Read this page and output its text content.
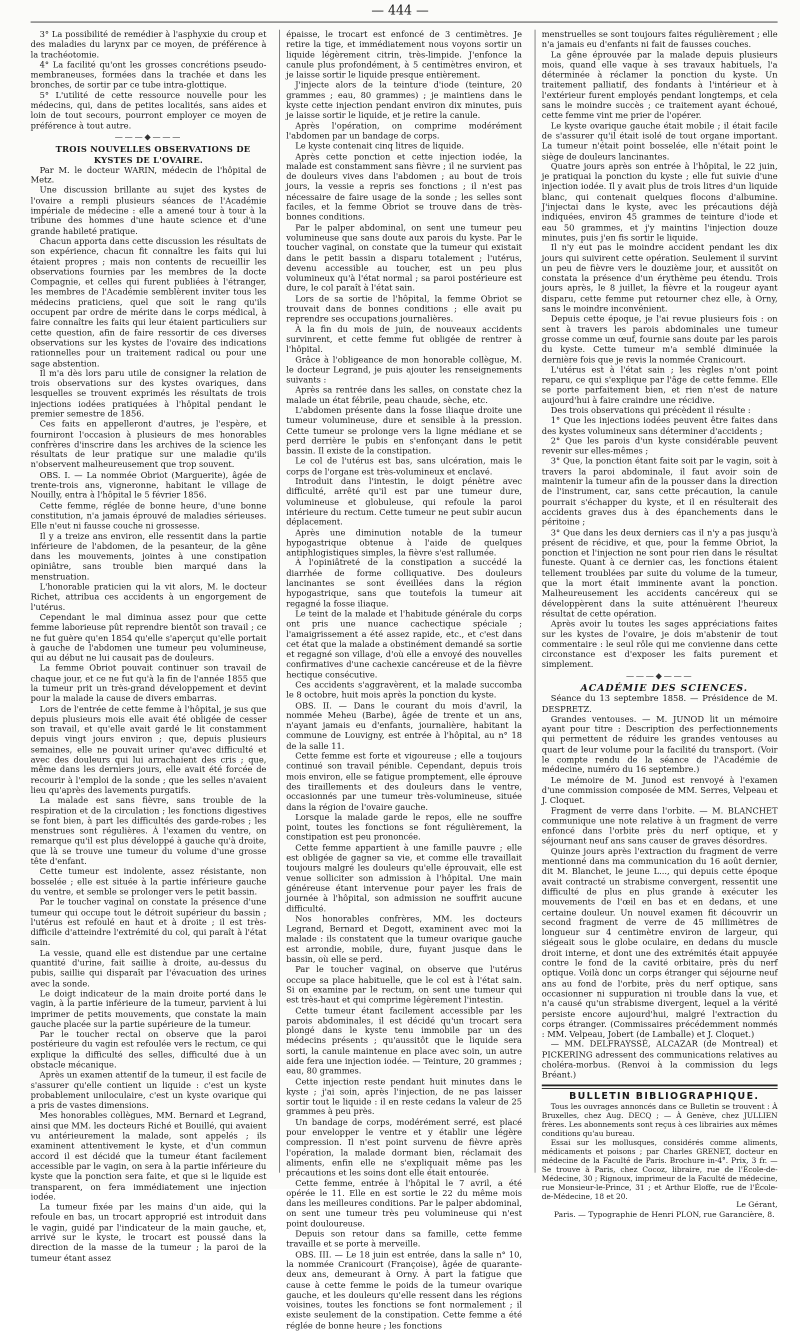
— 444 —

3° La possibilité de remédier à l'asphyxie du croup et des maladies du larynx par ce moyen, de préférence à la trachéotomie.

4° La facilité qu'ont les grosses concrétions pseudo-membraneuses, formées dans la trachée et dans les bronches, de sortir par ce tube intra-glottique.

5° L'utilité de cette ressource nouvelle pour les médecins, qui, dans de petites localités, sans aides et loin de tout secours, pourront employer ce moyen de préférence à tout autre.

———◆———

TROIS NOUVELLES OBSERVATIONS DE KYSTES DE L'OVAIRE.

Par M. le docteur WARIN, médecin de l'hôpital de Metz.

Une discussion brillante au sujet des kystes de l'ovaire a rempli plusieurs séances de l'Académie impériale de médecine : elle a amené tour à tour à la tribune des hommes d'une haute science et d'une grande habileté pratique.

Chacun apporta dans cette discussion les résultats de son expérience, chacun fit connaître les faits qui lui étaient propres ; mais non contents de recueillir les observations fournies par les membres de la docte Compagnie, et celles qui furent publiées à l'étranger, les membres de l'Académie semblèrent inviter tous les médecins praticiens, quel que soit le rang qu'ils occupent par ordre de mérite dans le corps médical, à faire connaître les faits qui leur étaient particuliers sur cette question, afin de faire ressortir de ces diverses observations sur les kystes de l'ovaire des indications rationnelles pour un traitement radical ou pour une sage abstention.

Il m'a dès lors paru utile de consigner la relation de trois observations sur des kystes ovariques, dans lesquelles se trouvent exprimés les résultats de trois injections iodées pratiquées à l'hôpital pendant le premier semestre de 1856.

Ces faits en appelleront d'autres, je l'espère, et fourniront l'occasion à plusieurs de mes honorables confrères d'inscrire dans les archives de la science les résultats de leur pratique sur une maladie qu'ils n'observent malheureusement que trop souvent.

OBS. I. — La nommée Obriot (Marguerite), âgée de trente-trois ans, vigneronne, habitant le village de Nouilly, entra à l'hôpital le 5 février 1856.

Cette femme, réglée de bonne heure, d'une bonne constitution, n'a jamais éprouvé de maladies sérieuses. Elle n'eut ni fausse couche ni grossesse.

Il y a treize ans environ, elle ressentit dans la partie inférieure de l'abdomen, de la pesanteur, de la gêne dans les mouvements, jointes à une constipation opiniâtre, sans trouble bien marqué dans la menstruation.

L'honorable praticien qui la vit alors, M. le docteur Richet, attribua ces accidents à un engorgement de l'utérus.

Cependant le mal diminua assez pour que cette femme laborieuse pût reprendre bientôt son travail ; ce ne fut guère qu'en 1854 qu'elle s'aperçut qu'elle portait à gauche de l'abdomen une tumeur peu volumineuse, qui au début ne lui causait pas de douleurs.

La femme Obriot pouvait continuer son travail de chaque jour, et ce ne fut qu'à la fin de l'année 1855 que la tumeur prit un très-grand développement et devint pour la malade la cause de divers embarras.

Lors de l'entrée de cette femme à l'hôpital, je sus que depuis plusieurs mois elle avait été obligée de cesser son travail, et qu'elle avait gardé le lit constamment depuis vingt jours environ ; que, depuis plusieurs semaines, elle ne pouvait uriner qu'avec difficulté et avec des douleurs qui lui arrachaient des cris ; que, même dans les derniers jours, elle avait été forcée de recourir à l'emploi de la sonde ; que les selles n'avaient lieu qu'après des lavements purgatifs.

La malade est sans fièvre, sans trouble de la respiration et de la circulation ; les fonctions digestives se font bien, à part les difficultés des garde-robes ; les menstrues sont régulières. À l'examen du ventre, on remarque qu'il est plus développé à gauche qu'à droite, que là se trouve une tumeur du volume d'une grosse tête d'enfant.

Cette tumeur est indolente, assez résistante, non bosselée ; elle est située à la partie inférieure gauche du ventre, et semble se prolonger vers le petit bassin.

Par le toucher vaginal on constate la présence d'une tumeur qui occupe tout le détroit supérieur du bassin ; l'utérus est refoulé en haut et à droite ; il est très-difficile d'atteindre l'extrémité du col, qui paraît à l'état sain.

La vessie, quand elle est distendue par une certaine quantité d'urine, fait saillie à droite, au-dessus du pubis, saillie qui disparaît par l'évacuation des urines avec la sonde.

Le doigt indicateur de la main droite porté dans le vagin, à la partie inférieure de la tumeur, parvient à lui imprimer de petits mouvements, que constate la main gauche placée sur la partie supérieure de la tumeur.

Par le toucher rectal on observe que la paroi postérieure du vagin est refoulée vers le rectum, ce qui explique la difficulté des selles, difficulté due à un obstacle mécanique.

Après un examen attentif de la tumeur, il est facile de s'assurer qu'elle contient un liquide : c'est un kyste probablement uniloculaire, c'est un kyste ovarique qui a pris de vastes dimensions.

Mes honorables collègues, MM. Bernard et Legrand, ainsi que MM. les docteurs Riché et Bouillé, qui avaient vu antérieurement la malade, sont appelés ; ils examinent attentivement le kyste, et d'un commun accord il est décidé que la tumeur étant facilement accessible par le vagin, on sera à la partie inférieure du kyste que la ponction sera faite, et que si le liquide est transparent, on fera immédiatement une injection iodée.

La tumeur fixée par les mains d'un aide, qui la refoule en bas, un trocart approprié est introduit dans le vagin, guidé par l'indicateur de la main gauche, et, arrivé sur le kyste, le trocart est poussé dans la direction de la masse de la tumeur ; la paroi de la tumeur étant assez

épaisse, le trocart est enfoncé de 3 centimètres. Je retire la tige, et immédiatement nous voyons sortir un liquide légèrement citrin, très-limpide. J'enfonce la canule plus profondément, à 5 centimètres environ, et je laisse sortir le liquide presque entièrement.

J'injecte alors de la teinture d'iode (teinture, 20 grammes ; eau, 80 grammes) ; je maintiens dans le kyste cette injection pendant environ dix minutes, puis je laisse sortir le liquide, et je retire la canule.

Après l'opération, on comprime modérément l'abdomen par un bandage de corps.

Le kyste contenait cinq litres de liquide.

Après cette ponction et cette injection iodée, la malade est constamment sans fièvre ; il ne survient pas de douleurs vives dans l'abdomen ; au bout de trois jours, la vessie a repris ses fonctions ; il n'est pas nécessaire de faire usage de la sonde ; les selles sont faciles, et la femme Obriot se trouve dans de très-bonnes conditions.

Par le palper abdominal, on sent une tumeur peu volumineuse que sans doute aux parois du kyste. Par le toucher vaginal, on constate que la tumeur qui existait dans le petit bassin a disparu totalement ; l'utérus, devenu accessible au toucher, est un peu plus volumineux qu'à l'état normal ; sa paroi postérieure est dure, le col paraît à l'état sain.

Lors de sa sortie de l'hôpital, la femme Obriot se trouvait dans de bonnes conditions ; elle avait pu reprendre ses occupations journalières.

À la fin du mois de juin, de nouveaux accidents survinrent, et cette femme fut obligée de rentrer à l'hôpital.

Grâce à l'obligeance de mon honorable collègue, M. le docteur Legrand, je puis ajouter les renseignements suivants :

Après sa rentrée dans les salles, on constate chez la malade un état fébrile, peau chaude, sèche, etc.

L'abdomen présente dans la fosse iliaque droite une tumeur volumineuse, dure et sensible à la pression. Cette tumeur se prolonge vers la ligne médiane et se perd derrière le pubis en s'enfonçant dans le petit bassin. Il existe de la constipation.

Le col de l'utérus est bas, sans ulcération, mais le corps de l'organe est très-volumineux et enclavé.

Introduit dans l'intestin, le doigt pénètre avec difficulté, arrêté qu'il est par une tumeur dure, volumineuse et globuleuse, qui refoule la paroi intérieure du rectum. Cette tumeur ne peut subir aucun déplacement.

Après une diminution notable de la tumeur hypogastrique obtenue à l'aide de quelques antiphlogistiques simples, la fièvre s'est rallumée.

À l'opiniâtreté de la constipation a succédé la diarrhée de forme colliquative. Des douleurs lancinantes se sont éveillées dans la région hypogastrique, sans que toutefois la tumeur ait regagné la fosse iliaque.

Le teint de la malade et l'habitude générale du corps ont pris une nuance cachectique spéciale ; l'amaigrissement a été assez rapide, etc., et c'est dans cet état que la malade a obstinément demandé sa sortie et regagné son village, d'où elle a envoyé des nouvelles confirmatives d'une cachexie cancéreuse et de la fièvre hectique consécutive.

Ces accidents s'aggravèrent, et la malade succomba le 8 octobre, huit mois après la ponction du kyste.

OBS. II. — Dans le courant du mois d'avril, la nommée Meheu (Barbe), âgée de trente et un ans, n'ayant jamais eu d'enfants, journalière, habitant la commune de Louvigny, est entrée à l'hôpital, au n° 18 de la salle 11.

Cette femme est forte et vigoureuse ; elle a toujours continué son travail pénible. Cependant, depuis trois mois environ, elle se fatigue promptement, elle éprouve des tiraillements et des douleurs dans le ventre, occasionnés par une tumeur très-volumineuse, située dans la région de l'ovaire gauche.

Lorsque la malade garde le repos, elle ne souffre point, toutes les fonctions se font régulièrement, la constipation est peu prononcée.

Cette femme appartient à une famille pauvre ; elle est obligée de gagner sa vie, et comme elle travaillait toujours malgré les douleurs qu'elle éprouvait, elle est venue solliciter son admission à l'hôpital. Une main généreuse étant intervenue pour payer les frais de journée à l'hôpital, son admission ne souffrit aucune difficulté.

Nos honorables confrères, MM. les docteurs Legrand, Bernard et Degott, examinent avec moi la malade : ils constatent que la tumeur ovarique gauche est arrondie, mobile, dure, fuyant jusque dans le bassin, où elle se perd.

Par le toucher vaginal, on observe que l'utérus occupe sa place habituelle, que le col est à l'état sain. Si on examine par le rectum, on sent une tumeur qui est très-haut et qui comprime légèrement l'intestin.

Cette tumeur étant facilement accessible par les parois abdominales, il est décidé qu'un trocart sera plongé dans le kyste tenu immobile par un des médecins présents ; qu'aussitôt que le liquide sera sorti, la canule maintenue en place avec soin, un autre aide fera une injection iodée. — Teinture, 20 grammes ; eau, 80 grammes.

Cette injection reste pendant huit minutes dans le kyste ; j'ai soin, après l'injection, de ne pas laisser sortir tout le liquide : il en reste cedans la valeur de 25 grammes à peu près.

Un bandage de corps, modérément serré, est placé pour envelopper le ventre et y établir une légère compression. Il n'est point survenu de fièvre après l'opération, la malade dormant bien, réclamait des aliments, enfin elle ne s'expliquait même pas les précautions et les soins dont elle était entourée.

Cette femme, entrée à l'hôpital le 7 avril, a été opérée le 11. Elle en est sortie le 22 du même mois dans les meilleures conditions. Par le palper abdominal, on sent une tumeur très peu volumineuse qui n'est point douloureuse.

Depuis son retour dans sa famille, cette femme travaille et se porte à merveille.

OBS. III. — Le 18 juin est entrée, dans la salle n° 10, la nommée Cranicourt (Françoise), âgée de quarante-deux ans, demeurant à Orny. À part la fatigue que cause à cette femme le poids de la tumeur ovarique gauche, et les douleurs qu'elle ressent dans les régions voisines, toutes les fonctions se font normalement ; il existe seulement de la constipation. Cette femme a été réglée de bonne heure ; les fonctions

menstruelles se sont toujours faites régulièrement ; elle n'a jamais eu d'enfants ni fait de fausses couches.

La gêne éprouvée par la malade depuis plusieurs mois, quand elle vaque à ses travaux habituels, l'a déterminée à réclamer la ponction du kyste. Un traitement palliatif, des fondants à l'intérieur et à l'extérieur furent employés pendant longtemps, et cela sans le moindre succès ; ce traitement ayant échoué, cette femme vint me prier de l'opérer.

Le kyste ovarique gauche était mobile ; il était facile de s'assurer qu'il était isolé de tout organe important. La tumeur n'était point bosselée, elle n'était point le siège de douleurs lancinantes.

Quatre jours après son entrée à l'hôpital, le 22 juin, je pratiquai la ponction du kyste ; elle fut suivie d'une injection iodée. Il y avait plus de trois litres d'un liquide blanc, qui contenait quelques flocons d'albumine. J'injectai dans le kyste, avec les précautions déjà indiquées, environ 45 grammes de teinture d'iode et eau 50 grammes, et j'y maintins l'injection douze minutes, puis j'en fis sortir le liquide.

Il n'y eut pas le moindre accident pendant les dix jours qui suivirent cette opération. Seulement il survint un peu de fièvre vers le douzième jour, et aussitôt on constata la présence d'un érythème peu étendu. Trois jours après, le 8 juillet, la fièvre et la rougeur ayant disparu, cette femme put retourner chez elle, à Orny, sans le moindre inconvénient.

Depuis cette époque, je l'ai revue plusieurs fois : on sent à travers les parois abdominales une tumeur grosse comme un œuf, fournie sans doute par les parois du kyste. Cette tumeur m'a semblé diminuée la dernière fois que je revis la nommée Cranicourt.

L'utérus est à l'état sain ; les règles n'ont point reparu, ce qui s'explique par l'âge de cette femme. Elle se porte parfaitement bien, et rien n'est de nature aujourd'hui à faire craindre une récidive.

Des trois observations qui précèdent il résulte :

1° Que les injections iodées peuvent être faites dans des kystes volumineux sans déterminer d'accidents ;

2° Que les parois d'un kyste considérable peuvent revenir sur elles-mêmes ;

3° Que, la ponction étant faite soit par le vagin, soit à travers la paroi abdominale, il faut avoir soin de maintenir la tumeur afin de la pousser dans la direction de l'instrument, car, sans cette précaution, la canule pourrait s'échapper du kyste, et il en résulterait des accidents graves dus à des épanchements dans le péritoine ;

3° Que dans les deux derniers cas il n'y a pas jusqu'à présent de récidive, et que, pour la femme Obriot, la ponction et l'injection ne sont pour rien dans le résultat funeste. Quant à ce dernier cas, les fonctions étaient tellement troublées par suite du volume de la tumeur, que la mort était imminente avant la ponction. Malheureusement les accidents cancéreux qui se développèrent dans la suite atténuèrent l'heureux résultat de cette opération.

Après avoir lu toutes les sages appréciations faites sur les kystes de l'ovaire, je dois m'abstenir de tout commentaire : le seul rôle qui me convienne dans cette circonstance est d'exposer les faits purement et simplement.

———◆———

ACADÉMIE DES SCIENCES.

Séance du 13 septembre 1858. — Présidence de M. DESPRETZ.

Grandes ventouses. — M. JUNOD lit un mémoire ayant pour titre : Description des perfectionnements qui permettent de réduire les grandes ventouses au quart de leur volume pour la facilité du transport. (Voir le compte rendu de la séance de l'Académie de médecine, numéro du 16 septembre.)

Le mémoire de M. Junod est renvoyé à l'examen d'une commission composée de MM. Serres, Velpeau et J. Cloquet.

Fragment de verre dans l'orbite. — M. BLANCHET communique une note relative à un fragment de verre enfoncé dans l'orbite près du nerf optique, et y séjournant neuf ans sans causer de graves désordres.

Quinze jours après l'extraction du fragment de verre mentionné dans ma communication du 16 août dernier, dit M. Blanchet, le jeune L..., qui depuis cette époque avait contracté un strabisme convergent, ressentit une difficulté de plus en plus grande à exécuter les mouvements de l'œil en bas et en dedans, et une certaine douleur. Un nouvel examen fit découvrir un second fragment de verre de 45 millimètres de longueur sur 4 centimètre environ de largeur, qui siégeait sous le globe oculaire, en dedans du muscle droit interne, et dont une des extrémités était appuyée contre le fond de la cavité orbitaire, près du nerf optique. Voilà donc un corps étranger qui séjourne neuf ans au fond de l'orbite, près du nerf optique, sans occasionner ni suppuration ni trouble dans la vue, et n'a causé qu'un strabisme divergent, lequel a la vérité persiste encore aujourd'hui, malgré l'extraction du corps étranger. (Commissaires précédemment nommés : MM. Velpeau, Jobert (de Lamballe) et J. Cloquet.)

— MM. DELFRAYSSÉ, ALCAZAR (de Montreal) et PICKERING adressent des communications relatives au choléra-morbus. (Renvoi à la commission du legs Bréant.)

BULLETIN BIBLIOGRAPHIQUE.

Tous les ouvrages annoncés dans ce Bulletin se trouvent : À Bruxelles, chez Aug. DECQ ; — À Genève, chez JULLIEN frères. Les abonnements sont reçus à ces librairies aux mêmes conditions qu'au bureau.

Essai sur les mollusques, considérés comme aliments, médicaments et poisons ; par Charles GRENET, docteur en médecine de la Faculté de Paris. Brochure in-4°. Prix, 3 fr. — Se trouve à Paris, chez Cocoz, libraire, rue de l'École-de-Médecine, 30 ; Rignoux, imprimeur de la Faculté de médecine, rue Monsieur-le-Prince, 31 ; et Arthur Eloffe, rue de l'École-de-Médecine, 18 et 20.

Le Gérant,

Paris. — Typographie de Henri PLON, rue Garancière, 8.
